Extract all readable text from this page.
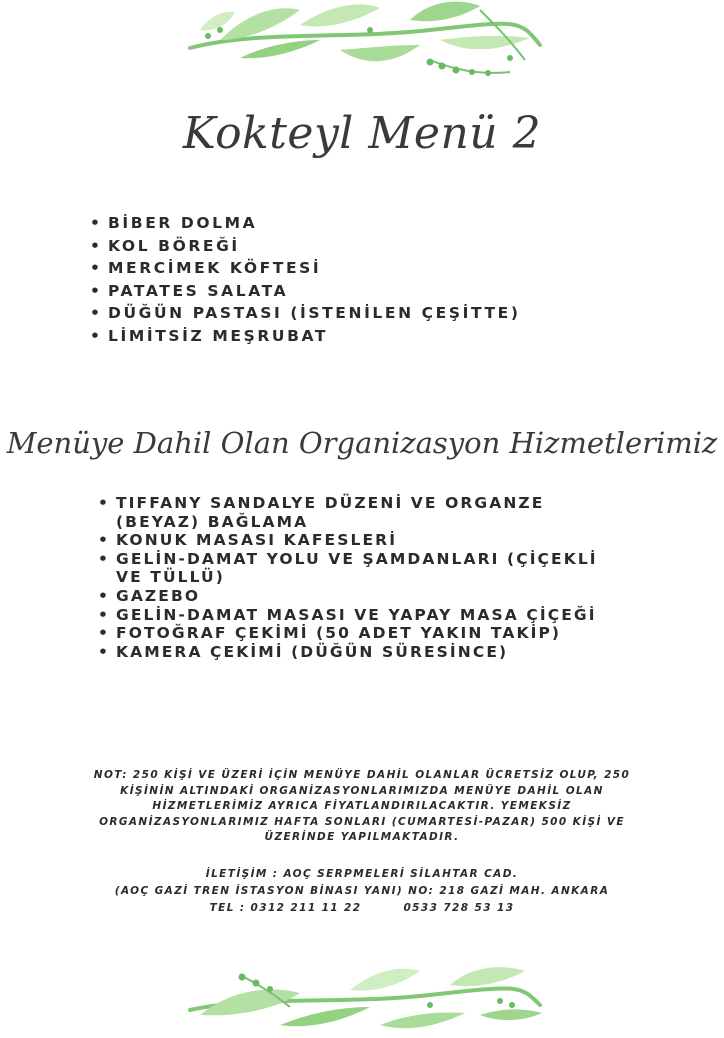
Kokteyl Menü 2
• BİBER DOLMA
• KOL BÖREĞİ
• MERCİMEK KÖFTESİ
• PATATES SALATA
• DÜĞÜN PASTASI (İSTENİLEN ÇEŞİTTE)
• LİMİTSİZ MEŞRUBAT
Menüye Dahil Olan Organizasyon Hizmetlerimiz
• TIFFANY SANDALYE DÜZENİ VE ORGANZE (BEYAZ) BAĞLAMA
• KONUK MASASI KAFESLERİ
• GELİN-DAMAT YOLU VE ŞAMDANLARI (ÇİÇEKLİ VE TÜLLÜ)
• GAZEBO
• GELİN-DAMAT MASASI VE YAPAY MASA ÇİÇEĞİ
• FOTOĞRAF ÇEKİMİ (50 ADET YAKIN TAKİP)
• KAMERA ÇEKİMİ (DÜĞÜN SÜRESİNCE)
NOT: 250 KİŞİ VE ÜZERİ İÇİN MENÜYE DAHİL OLANLAR ÜCRETSİZ OLUP, 250 KİŞİNİN ALTINDAKİ ORGANİZASYONLARIMIZDA MENÜYE DAHİL OLAN HİZMETLERİMİZ AYRICA FİYATLANDIRILACAKTIR. YEMEKSİZ ORGANİZASYONLARIMIZ HAFTA SONLARI (CUMARTESİ-PAZAR) 500 KİŞİ VE ÜZERİNDE YAPILMAKTADIR.
İLETİŞİM : AOÇ SERPMELERİ SİLAHTAR CAD.
(AOÇ GAZİ TREN İSTASYON BİNASI YANI) NO: 218 GAZİ MAH. ANKARA
TEL : 0312 211 11 22	0533 728 53 13
